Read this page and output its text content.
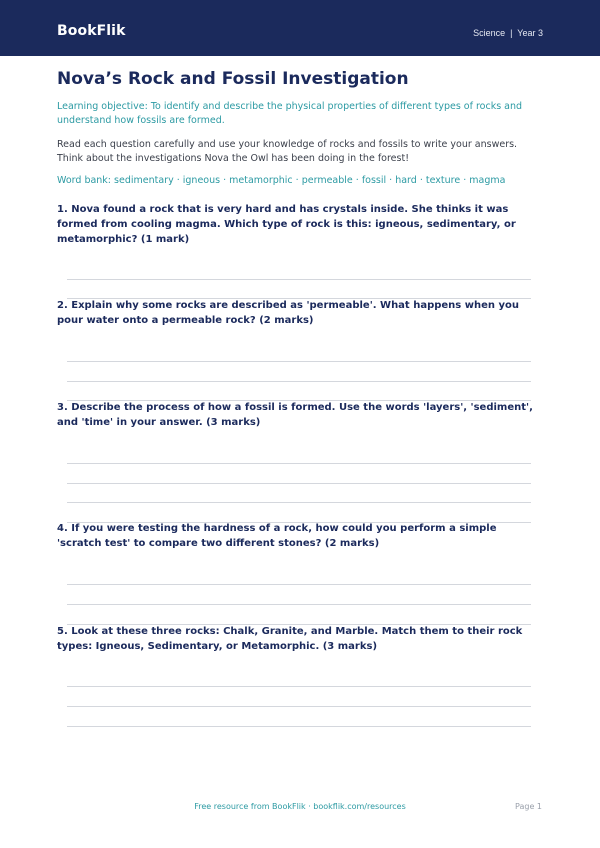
BookFlik	Science | Year 3
Nova’s Rock and Fossil Investigation
Learning objective: To identify and describe the physical properties of different types of rocks and understand how fossils are formed.
Read each question carefully and use your knowledge of rocks and fossils to write your answers. Think about the investigations Nova the Owl has been doing in the forest!
Word bank: sedimentary · igneous · metamorphic · permeable · fossil · hard · texture · magma
1. Nova found a rock that is very hard and has crystals inside. She thinks it was formed from cooling magma. Which type of rock is this: igneous, sedimentary, or metamorphic? (1 mark)
2. Explain why some rocks are described as 'permeable'. What happens when you pour water onto a permeable rock? (2 marks)
3. Describe the process of how a fossil is formed. Use the words 'layers', 'sediment', and 'time' in your answer. (3 marks)
4. If you were testing the hardness of a rock, how could you perform a simple 'scratch test' to compare two different stones? (2 marks)
5. Look at these three rocks: Chalk, Granite, and Marble. Match them to their rock types: Igneous, Sedimentary, or Metamorphic. (3 marks)
Free resource from BookFlik · bookflik.com/resources	Page 1
